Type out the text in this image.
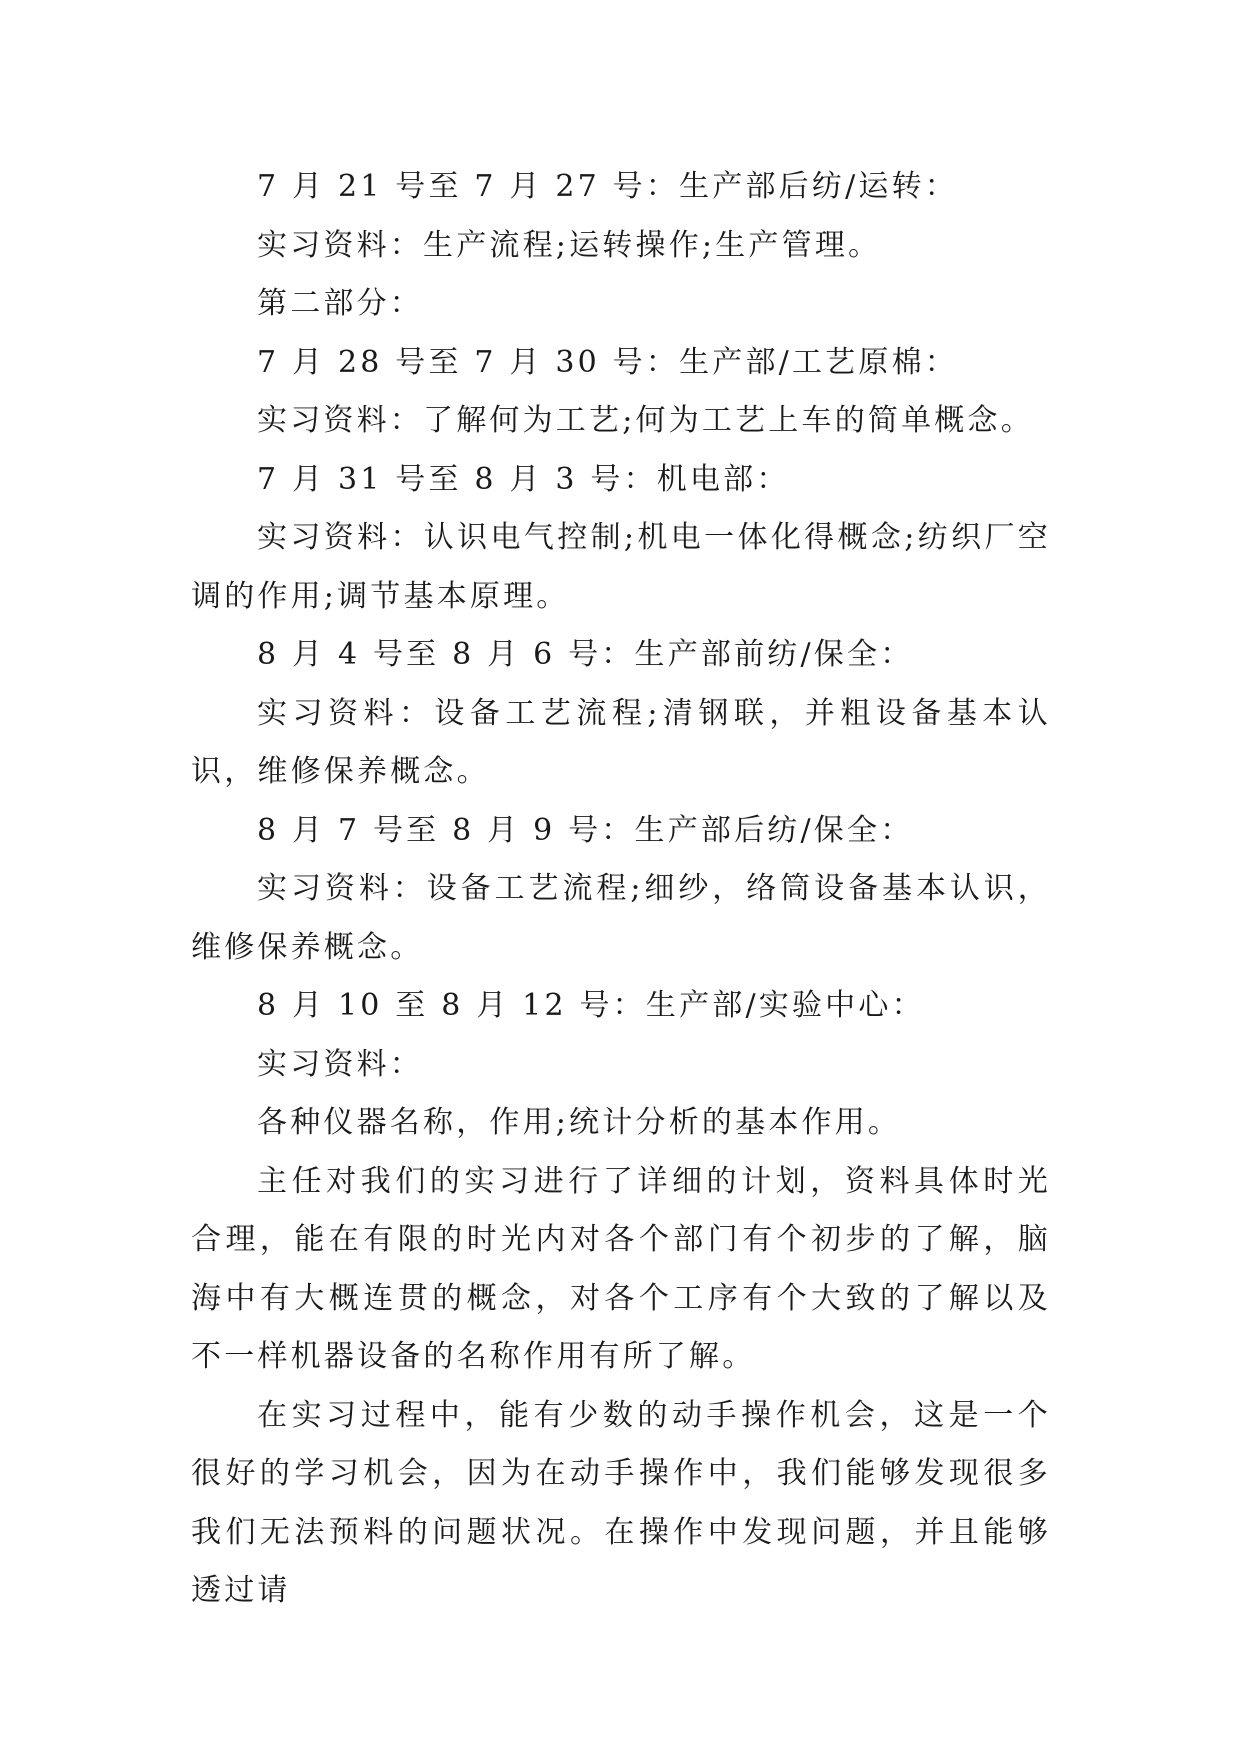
7 月 21 号至 7 月 27 号：生产部后纺/运转：

实习资料：生产流程;运转操作;生产管理。

第二部分：

7 月 28 号至 7 月 30 号：生产部/工艺原棉：

实习资料：了解何为工艺;何为工艺上车的简单概念。

7 月 31 号至 8 月 3 号：机电部：

实习资料：认识电气控制;机电一体化得概念;纺织厂空调的作用;调节基本原理。

8 月 4 号至 8 月 6 号：生产部前纺/保全：

实习资料：设备工艺流程;清钢联，并粗设备基本认识，维修保养概念。

8 月 7 号至 8 月 9 号：生产部后纺/保全：

实习资料：设备工艺流程;细纱，络筒设备基本认识，维修保养概念。

8 月 10 至 8 月 12 号：生产部/实验中心：

实习资料：

各种仪器名称，作用;统计分析的基本作用。

主任对我们的实习进行了详细的计划，资料具体时光合理，能在有限的时光内对各个部门有个初步的了解，脑海中有大概连贯的概念，对各个工序有个大致的了解以及不一样机器设备的名称作用有所了解。

在实习过程中，能有少数的动手操作机会，这是一个很好的学习机会，因为在动手操作中，我们能够发现很多我们无法预料的问题状况。在操作中发现问题，并且能够透过请
